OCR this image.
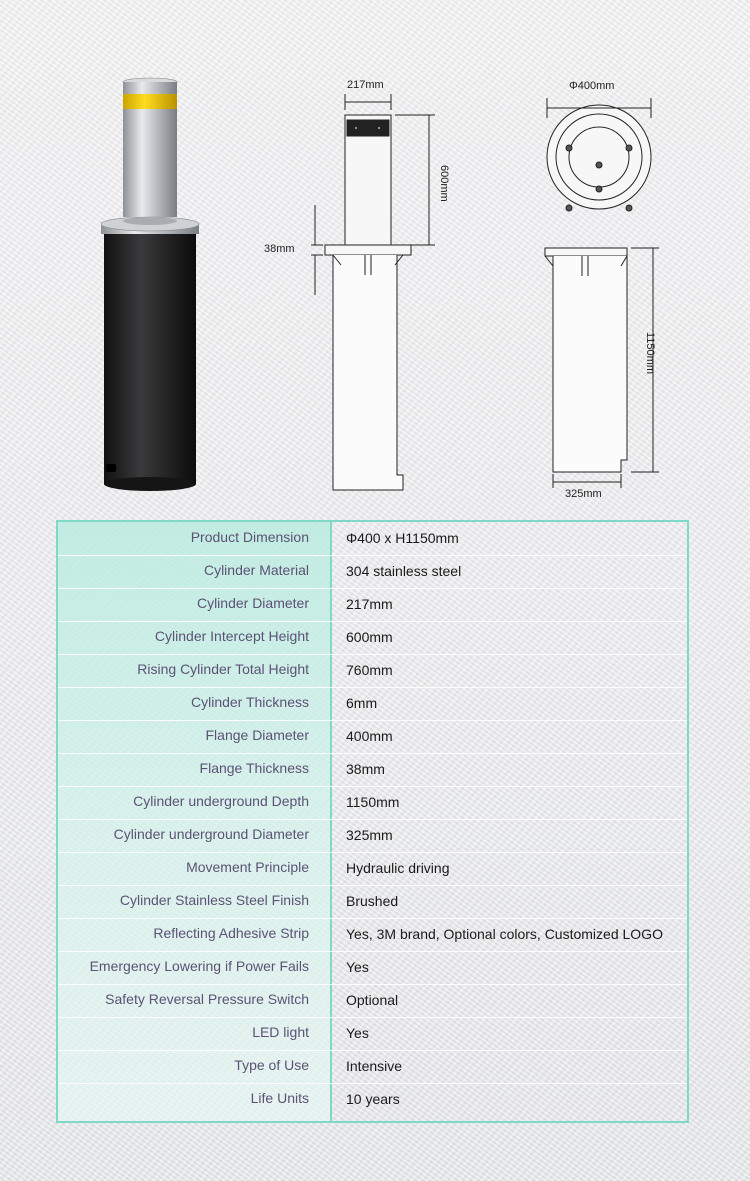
217mm
600mm
38mm
Φ400mm
1150mm
325mm
Product Dimension	Φ400 x H1150mm
Cylinder Material	304 stainless steel
Cylinder Diameter	217mm
Cylinder Intercept Height	600mm
Rising Cylinder Total Height	760mm
Cylinder Thickness	6mm
Flange Diameter	400mm
Flange Thickness	38mm
Cylinder underground Depth	1150mm
Cylinder underground Diameter	325mm
Movement Principle	Hydraulic driving
Cylinder Stainless Steel Finish	Brushed
Reflecting Adhesive Strip	Yes, 3M brand, Optional colors, Customized LOGO
Emergency Lowering if Power Fails	Yes
Safety Reversal Pressure Switch	Optional
LED light	Yes
Type of Use	Intensive
Life Units	10 years
